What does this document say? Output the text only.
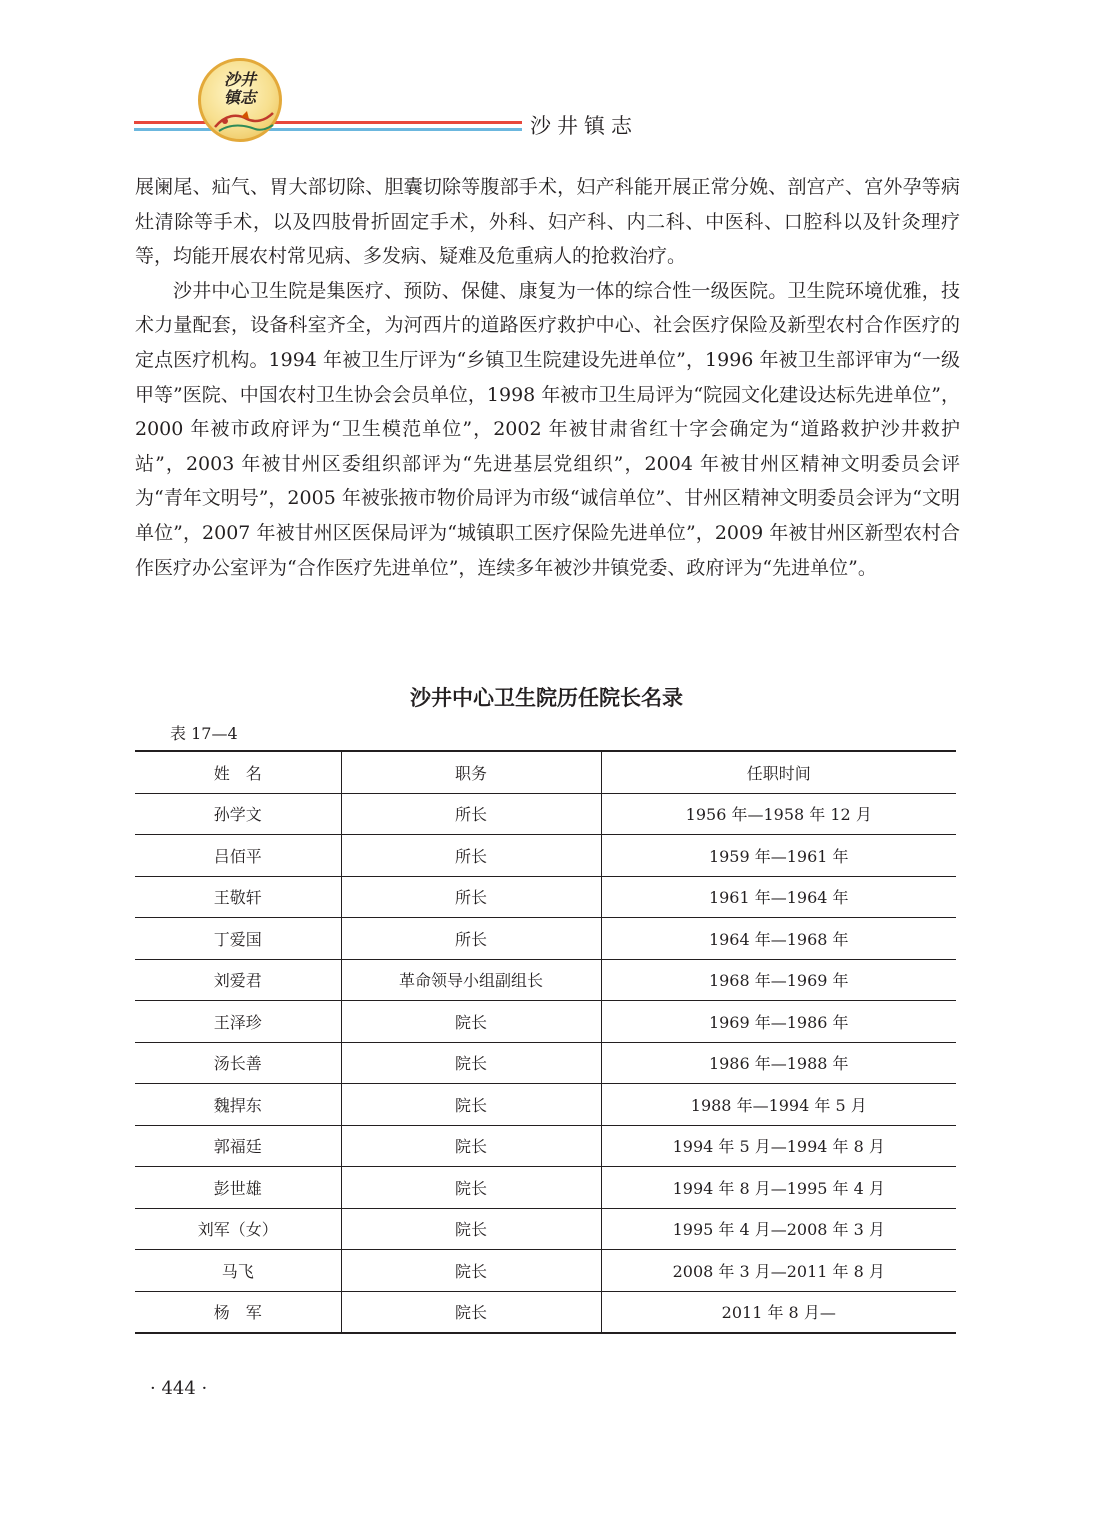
沙井
镇志
沙井镇志

展阑尾、疝气、胃大部切除、胆囊切除等腹部手术，妇产科能开展正常分娩、剖宫产、宫外孕等病灶清除等手术，以及四肢骨折固定手术，外科、妇产科、内二科、中医科、口腔科以及针灸理疗等，均能开展农村常见病、多发病、疑难及危重病人的抢救治疗。

沙井中心卫生院是集医疗、预防、保健、康复为一体的综合性一级医院。卫生院环境优雅，技术力量配套，设备科室齐全，为河西片的道路医疗救护中心、社会医疗保险及新型农村合作医疗的定点医疗机构。1994 年被卫生厅评为“乡镇卫生院建设先进单位”，1996 年被卫生部评审为“一级甲等”医院、中国农村卫生协会会员单位，1998 年被市卫生局评为“院园文化建设达标先进单位”，2000 年被市政府评为“卫生模范单位”，2002 年被甘肃省红十字会确定为“道路救护沙井救护站”，2003 年被甘州区委组织部评为“先进基层党组织”，2004 年被甘州区精神文明委员会评为“青年文明号”，2005 年被张掖市物价局评为市级“诚信单位”、甘州区精神文明委员会评为“文明单位”，2007 年被甘州区医保局评为“城镇职工医疗保险先进单位”，2009 年被甘州区新型农村合作医疗办公室评为“合作医疗先进单位”，连续多年被沙井镇党委、政府评为“先进单位”。

沙井中心卫生院历任院长名录
表 17—4
姓　名	职务	任职时间
孙学文	所长	1956 年—1958 年 12 月
吕佰平	所长	1959 年—1961 年
王敬轩	所长	1961 年—1964 年
丁爱国	所长	1964 年—1968 年
刘爱君	革命领导小组副组长	1968 年—1969 年
王泽珍	院长	1969 年—1986 年
汤长善	院长	1986 年—1988 年
魏捍东	院长	1988 年—1994 年 5 月
郭福廷	院长	1994 年 5 月—1994 年 8 月
彭世雄	院长	1994 年 8 月—1995 年 4 月
刘军（女）	院长	1995 年 4 月—2008 年 3 月
马飞	院长	2008 年 3 月—2011 年 8 月
杨　军	院长	2011 年 8 月—
· 444 ·
